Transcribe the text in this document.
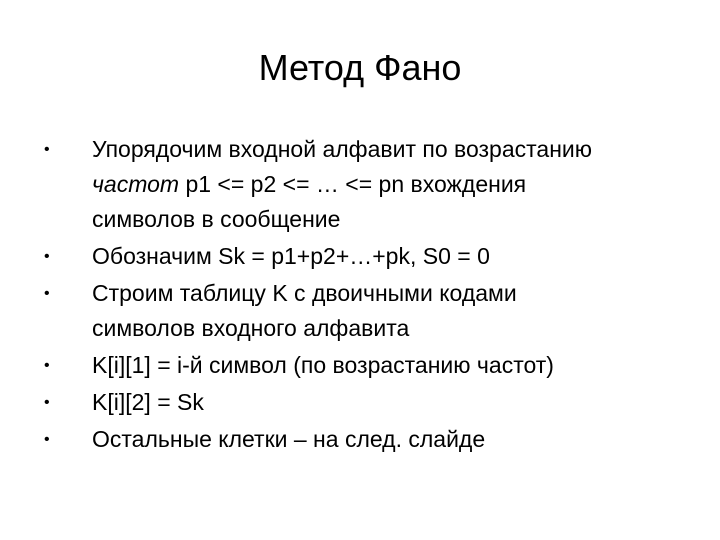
Метод Фано
• Упорядочим входной алфавит по возрастанию
частот p1 <= p2 <= … <= pn вхождения
символов в сообщение
• Обозначим Sk = p1+p2+…+pk, S0 = 0
• Строим таблицу K с двоичными кодами
символов входного алфавита
• K[i][1] = i-й символ (по возрастанию частот)
• K[i][2] = Sk
• Остальные клетки – на след. слайде
